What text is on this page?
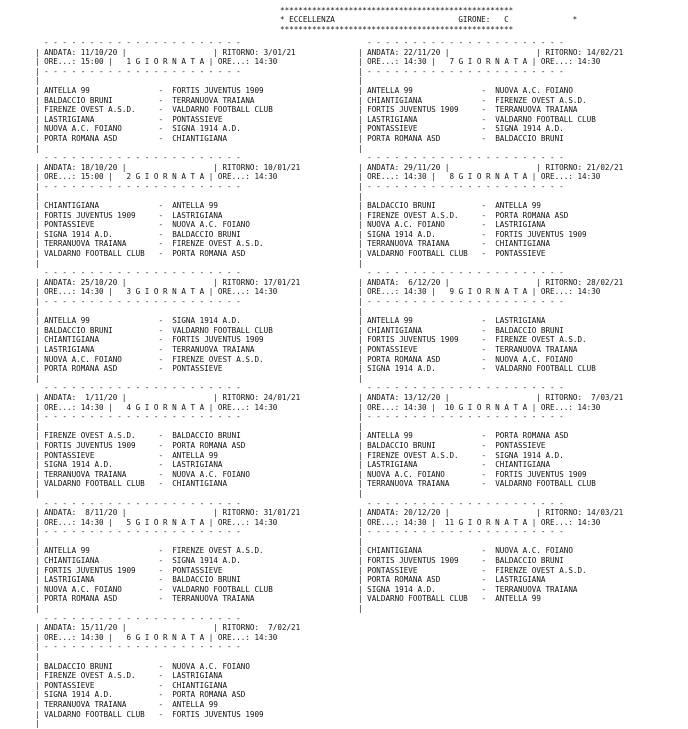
***************************************************
* ECCELLENZA	GIRONE: C	*
***************************************************
- - - - - - - - - - - - - - - - - - - - - -
| ANDATA: 11/10/20 |                   | RITORNO: 3/01/21
| ORE...: 15:00 |   1 G I O R N A T A | ORE...: 14:30
| - - - - - - - - - - - - - - - - - - - - - -
|
| ANTELLA 99               -  FORTIS JUVENTUS 1909
| BALDACCIO BRUNI          -  TERRANUOVA TRAIANA
| FIRENZE OVEST A.S.D.     -  VALDARNO FOOTBALL CLUB
| LASTRIGIANA              -  PONTASSIEVE
| NUOVA A.C. FOIANO        -  SIGNA 1914 A.D.
| PORTA ROMANA ASD         -  CHIANTIGIANA
|

- - - - - - - - - - - - - - - - - - - - - -
| ANDATA: 18/10/20 |                   | RITORNO: 10/01/21
| ORE...: 15:00 |   2 G I O R N A T A | ORE...: 14:30
| - - - - - - - - - - - - - - - - - - - - - -
|
| CHIANTIGIANA             -  ANTELLA 99
| FORTIS JUVENTUS 1909     -  LASTRIGIANA
| PONTASSIEVE              -  NUOVA A.C. FOIANO
| SIGNA 1914 A.D.          -  BALDACCIO BRUNI
| TERRANUOVA TRAIANA       -  FIRENZE OVEST A.S.D.
| VALDARNO FOOTBALL CLUB   -  PORTA ROMANA ASD
|

- - - - - - - - - - - - - - - - - - - - - -
| ANDATA: 25/10/20 |                   | RITORNO: 17/01/21
| ORE...: 14:30 |   3 G I O R N A T A | ORE...: 14:30
| - - - - - - - - - - - - - - - - - - - - - -
|
| ANTELLA 99               -  SIGNA 1914 A.D.
| BALDACCIO BRUNI          -  VALDARNO FOOTBALL CLUB
| CHIANTIGIANA             -  FORTIS JUVENTUS 1909
| LASTRIGIANA              -  TERRANUOVA TRAIANA
| NUOVA A.C. FOIANO        -  FIRENZE OVEST A.S.D.
| PORTA ROMANA ASD         -  PONTASSIEVE
|

- - - - - - - - - - - - - - - - - - - - - -
| ANDATA:  1/11/20 |                   | RITORNO: 24/01/21
| ORE...: 14:30 |   4 G I O R N A T A | ORE...: 14:30
| - - - - - - - - - - - - - - - - - - - - - -
|
| FIRENZE OVEST A.S.D.     -  BALDACCIO BRUNI
| FORTIS JUVENTUS 1909     -  PORTA ROMANA ASD
| PONTASSIEVE              -  ANTELLA 99
| SIGNA 1914 A.D.          -  LASTRIGIANA
| TERRANUOVA TRAIANA       -  NUOVA A.C. FOIANO
| VALDARNO FOOTBALL CLUB   -  CHIANTIGIANA
|

- - - - - - - - - - - - - - - - - - - - - -
| ANDATA:  8/11/20 |                   | RITORNO: 31/01/21
| ORE...: 14:30 |   5 G I O R N A T A | ORE...: 14:30
| - - - - - - - - - - - - - - - - - - - - - -
|
| ANTELLA 99               -  FIRENZE OVEST A.S.D.
| CHIANTIGIANA             -  SIGNA 1914 A.D.
| FORTIS JUVENTUS 1909     -  PONTASSIEVE
| LASTRIGIANA              -  BALDACCIO BRUNI
| NUOVA A.C. FOIANO        -  VALDARNO FOOTBALL CLUB
| PORTA ROMANA ASD         -  TERRANUOVA TRAIANA
|

- - - - - - - - - - - - - - - - - - - - - -
| ANDATA: 15/11/20 |                   | RITORNO:  7/02/21
| ORE...: 14:30 |   6 G I O R N A T A | ORE...: 14:30
| - - - - - - - - - - - - - - - - - - - - - -
|
| BALDACCIO BRUNI          -  NUOVA A.C. FOIANO
| FIRENZE OVEST A.S.D.     -  LASTRIGIANA
| PONTASSIEVE              -  CHIANTIGIANA
| SIGNA 1914 A.D.          -  PORTA ROMANA ASD
| TERRANUOVA TRAIANA       -  ANTELLA 99
| VALDARNO FOOTBALL CLUB   -  FORTIS JUVENTUS 1909
|

- - - - - - - - - - - - - - - - - - - - - -
| ANDATA: 22/11/20 |                   | RITORNO: 14/02/21
| ORE...: 14:30 |   7 G I O R N A T A | ORE...: 14:30
| - - - - - - - - - - - - - - - - - - - - - -
|
| ANTELLA 99               -  NUOVA A.C. FOIANO
| CHIANTIGIANA             -  FIRENZE OVEST A.S.D.
| FORTIS JUVENTUS 1909     -  TERRANUOVA TRAIANA
| LASTRIGIANA              -  VALDARNO FOOTBALL CLUB
| PONTASSIEVE              -  SIGNA 1914 A.D.
| PORTA ROMANA ASD         -  BALDACCIO BRUNI
|

- - - - - - - - - - - - - - - - - - - - - -
| ANDATA: 29/11/20 |                   | RITORNO: 21/02/21
| ORE...: 14:30 |   8 G I O R N A T A | ORE...: 14:30
| - - - - - - - - - - - - - - - - - - - - - -
|
| BALDACCIO BRUNI          -  ANTELLA 99
| FIRENZE OVEST A.S.D.     -  PORTA ROMANA ASD
| NUOVA A.C. FOIANO        -  LASTRIGIANA
| SIGNA 1914 A.D.          -  FORTIS JUVENTUS 1909
| TERRANUOVA TRAIANA       -  CHIANTIGIANA
| VALDARNO FOOTBALL CLUB   -  PONTASSIEVE
|

- - - - - - - - - - - - - - - - - - - - - -
| ANDATA:  6/12/20 |                   | RITORNO: 28/02/21
| ORE...: 14:30 |   9 G I O R N A T A | ORE...: 14:30
| - - - - - - - - - - - - - - - - - - - - - -
|
| ANTELLA 99               -  LASTRIGIANA
| CHIANTIGIANA             -  BALDACCIO BRUNI
| FORTIS JUVENTUS 1909     -  FIRENZE OVEST A.S.D.
| PONTASSIEVE              -  TERRANUOVA TRAIANA
| PORTA ROMANA ASD         -  NUOVA A.C. FOIANO
| SIGNA 1914 A.D.          -  VALDARNO FOOTBALL CLUB
|

- - - - - - - - - - - - - - - - - - - - - -
| ANDATA: 13/12/20 |                   | RITORNO:  7/03/21
| ORE...: 14:30 |  10 G I O R N A T A | ORE...: 14:30
| - - - - - - - - - - - - - - - - - - - - - -
|
| ANTELLA 99               -  PORTA ROMANA ASD
| BALDACCIO BRUNI          -  PONTASSIEVE
| FIRENZE OVEST A.S.D.     -  SIGNA 1914 A.D.
| LASTRIGIANA              -  CHIANTIGIANA
| NUOVA A.C. FOIANO        -  FORTIS JUVENTUS 1909
| TERRANUOVA TRAIANA       -  VALDARNO FOOTBALL CLUB
|

- - - - - - - - - - - - - - - - - - - - - -
| ANDATA: 20/12/20 |                   | RITORNO: 14/03/21
| ORE...: 14:30 |  11 G I O R N A T A | ORE...: 14:30
| - - - - - - - - - - - - - - - - - - - - - -
|
| CHIANTIGIANA             -  NUOVA A.C. FOIANO
| FORTIS JUVENTUS 1909     -  BALDACCIO BRUNI
| PONTASSIEVE              -  FIRENZE OVEST A.S.D.
| PORTA ROMANA ASD         -  LASTRIGIANA
| SIGNA 1914 A.D.          -  TERRANUOVA TRAIANA
| VALDARNO FOOTBALL CLUB   -  ANTELLA 99
|
